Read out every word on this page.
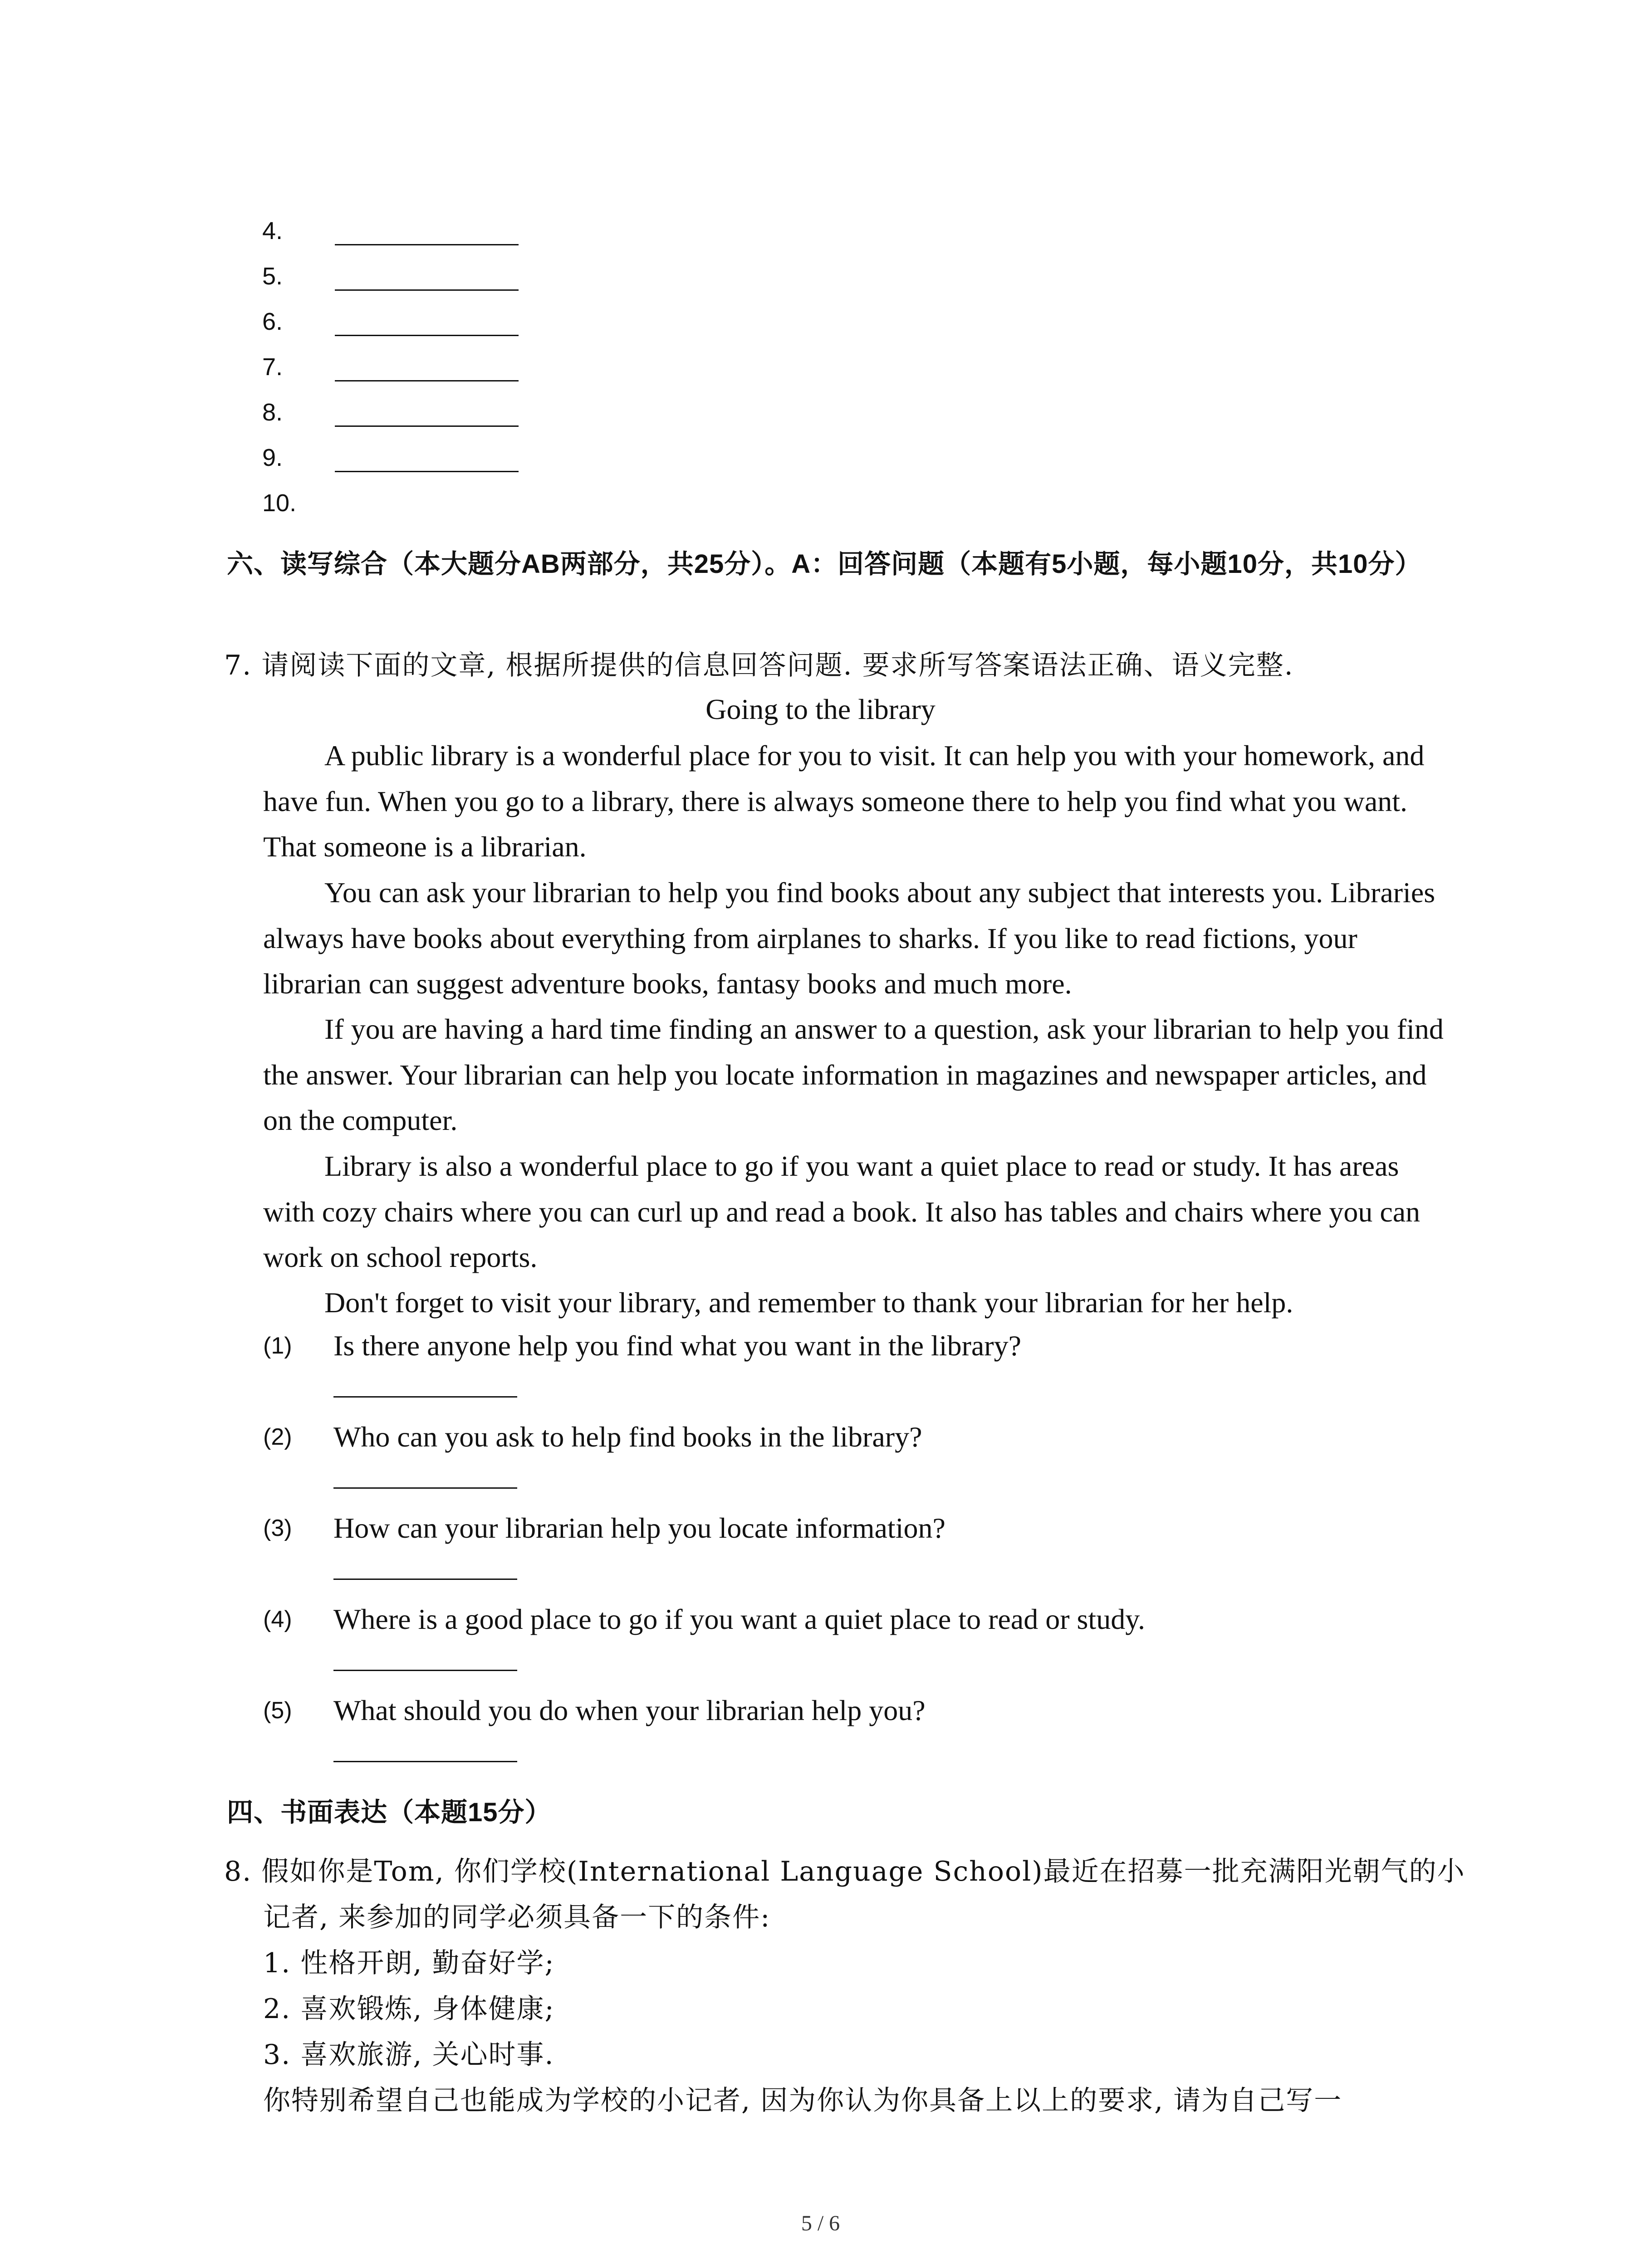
4.
5.
6.
7.
8.
9.
10.
六、读写综合（本大题分AB两部分，共25分）。A：回答问题（本题有5小题，每小题10分，共10分）
7. 请阅读下面的文章, 根据所提供的信息回答问题. 要求所写答案语法正确、语义完整.
Going to the library
A public library is a wonderful place for you to visit. It can help you with your homework, and have fun. When you go to a library, there is always someone there to help you find what you want. That someone is a librarian.
You can ask your librarian to help you find books about any subject that interests you. Libraries always have books about everything from airplanes to sharks. If you like to read fictions, your librarian can suggest adventure books, fantasy books and much more.
If you are having a hard time finding an answer to a question, ask your librarian to help you find the answer. Your librarian can help you locate information in magazines and newspaper articles, and on the computer.
Library is also a wonderful place to go if you want a quiet place to read or study. It has areas with cozy chairs where you can curl up and read a book. It also has tables and chairs where you can work on school reports.
Don't forget to visit your library, and remember to thank your librarian for her help.
(1) Is there anyone help you find what you want in the library?
(2) Who can you ask to help find books in the library?
(3) How can your librarian help you locate information?
(4) Where is a good place to go if you want a quiet place to read or study.
(5) What should you do when your librarian help you?
四、书面表达（本题15分）
8. 假如你是Tom, 你们学校(International Language School)最近在招募一批充满阳光朝气的小
记者, 来参加的同学必须具备一下的条件:
1. 性格开朗, 勤奋好学;
2. 喜欢锻炼, 身体健康;
3. 喜欢旅游, 关心时事.
你特别希望自己也能成为学校的小记者, 因为你认为你具备上以上的要求, 请为自己写一
5 / 6
